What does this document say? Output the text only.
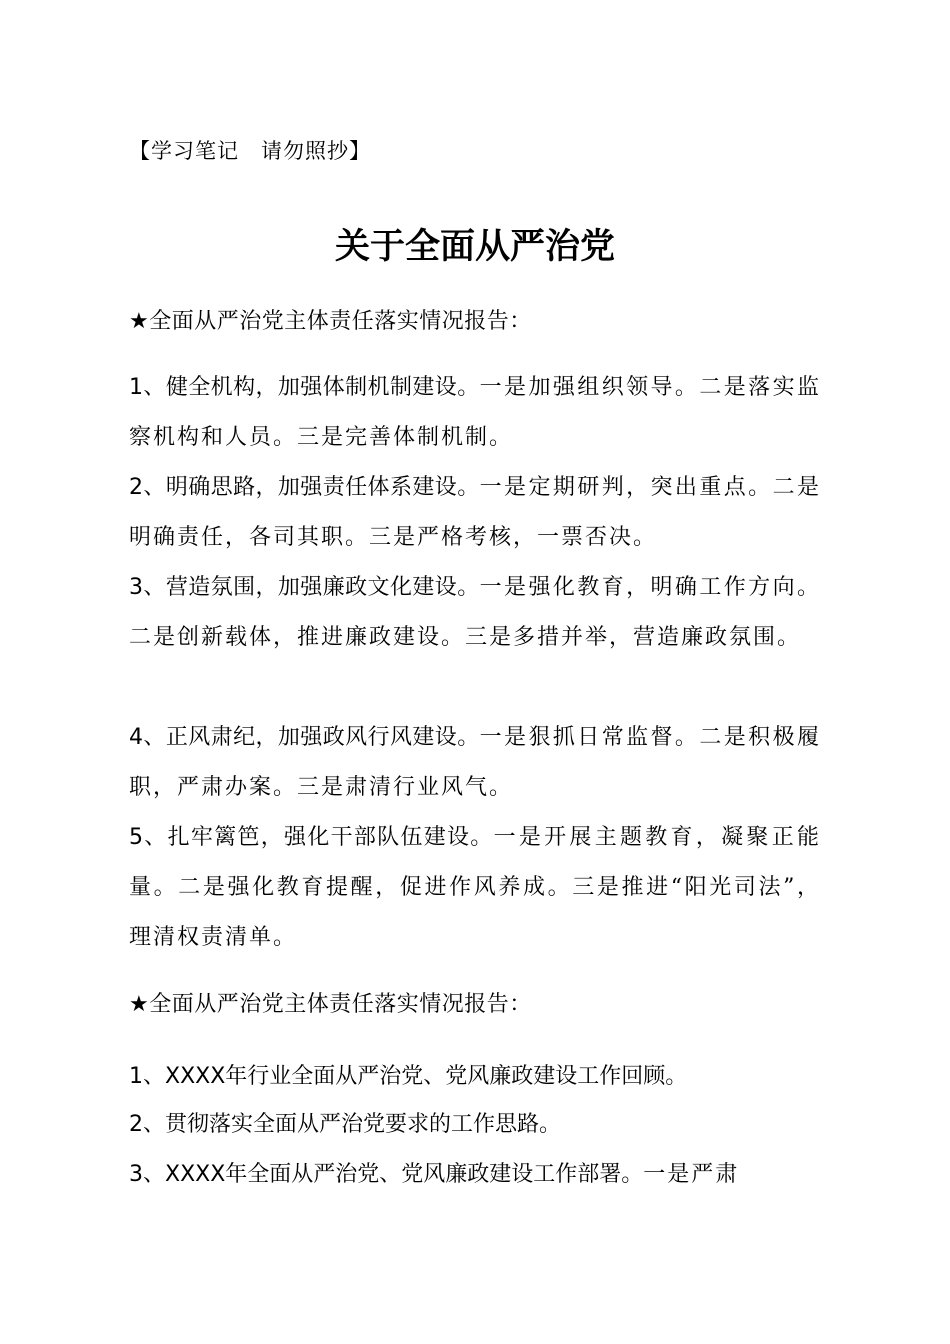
【学习笔记　请勿照抄】
关于全面从严治党
★全面从严治党主体责任落实情况报告：
1、健全机构，加强体制机制建设。一是加强组织领导。二是落实监察机构和人员。三是完善体制机制。
2、明确思路，加强责任体系建设。一是定期研判，突出重点。二是明确责任，各司其职。三是严格考核，一票否决。
3、营造氛围，加强廉政文化建设。一是强化教育，明确工作方向。二是创新载体，推进廉政建设。三是多措并举，营造廉政氛围。
4、正风肃纪，加强政风行风建设。一是狠抓日常监督。二是积极履职，严肃办案。三是肃清行业风气。
5、扎牢篱笆，强化干部队伍建设。一是开展主题教育，凝聚正能量。二是强化教育提醒，促进作风养成。三是推进“阳光司法”，理清权责清单。
★全面从严治党主体责任落实情况报告：
1、XXXX年行业全面从严治党、党风廉政建设工作回顾。
2、贯彻落实全面从严治党要求的工作思路。
3、XXXX年全面从严治党、党风廉政建设工作部署。一是严肃
